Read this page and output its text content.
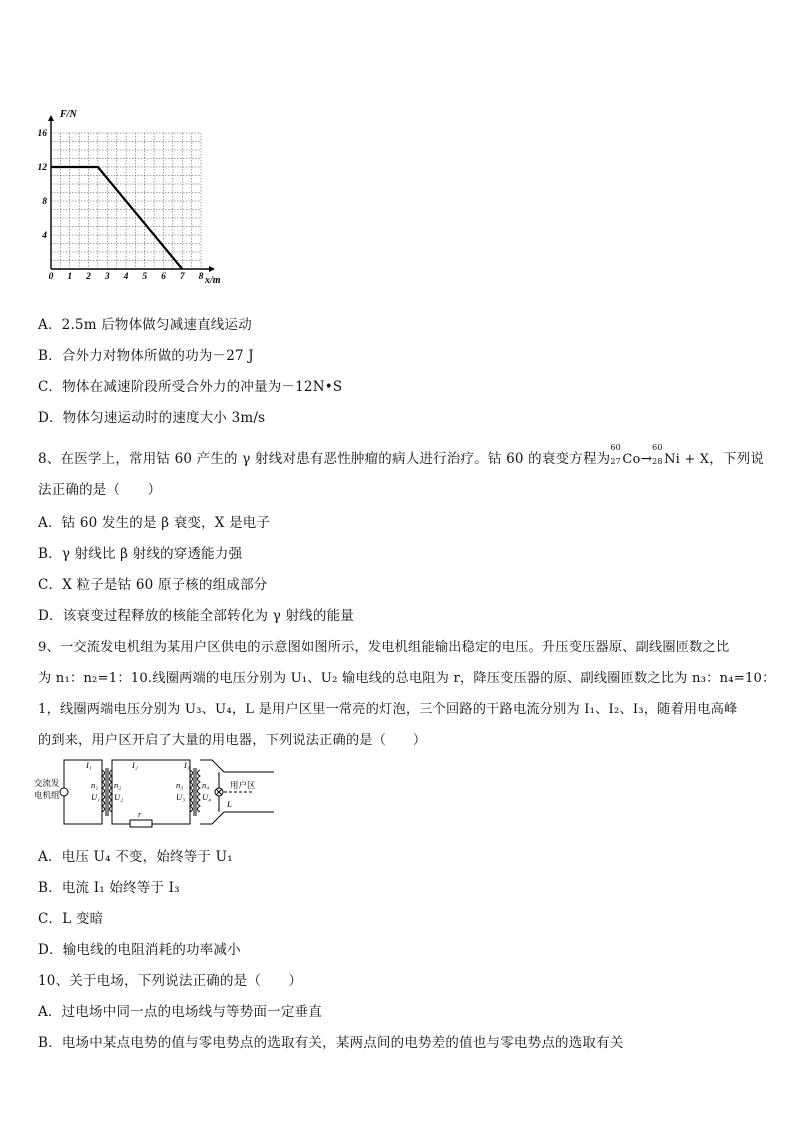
0 1 2 3 4 5 6 7 8
4
8
12
16
F/N
x/m
A．2.5m 后物体做匀减速直线运动
B．合外力对物体所做的功为－27 J
C．物体在减速阶段所受合外力的冲量为－12N•S
D．物体匀速运动时的速度大小 3m/s
8、在医学上，常用钴 60 产生的 γ 射线对患有恶性肿瘤的病人进行治疗。钴 60 的衰变方程为
60
27 Co→
60
28 Ni + X，下列说
法正确的是（　　）
A．钴 60 发生的是 β 衰变，X 是电子
B．γ 射线比 β 射线的穿透能力强
C．X 粒子是钴 60 原子核的组成部分
D．该衰变过程释放的核能全部转化为 γ 射线的能量
9、一交流发电机组为某用户区供电的示意图如图所示，发电机组能输出稳定的电压。升压变压器原、副线圈匝数之比
为 n₁：n₂=1：10.线圈两端的电压分别为 U₁、U₂ 输电线的总电阻为 r，降压变压器的原、副线圈匝数之比为 n₃：n₄=10：
1，线圈两端电压分别为 U₃、U₄，L 是用户区里一常亮的灯泡，三个回路的干路电流分别为 I₁、I₂、I₃，随着用电高峰
的到来，用户区开启了大量的用电器，下列说法正确的是（　　）
交流发
电机组
I₁	I₂	I₃
n₁
U₁
n₂
U₂
n₃
U₃
n₄
U₄
r
L
用户区
A．电压 U₄ 不变，始终等于 U₁
B．电流 I₁ 始终等于 I₃
C．L 变暗
D．输电线的电阻消耗的功率减小
10、关于电场，下列说法正确的是（　　）
A．过电场中同一点的电场线与等势面一定垂直
B．电场中某点电势的值与零电势点的选取有关，某两点间的电势差的值也与零电势点的选取有关
